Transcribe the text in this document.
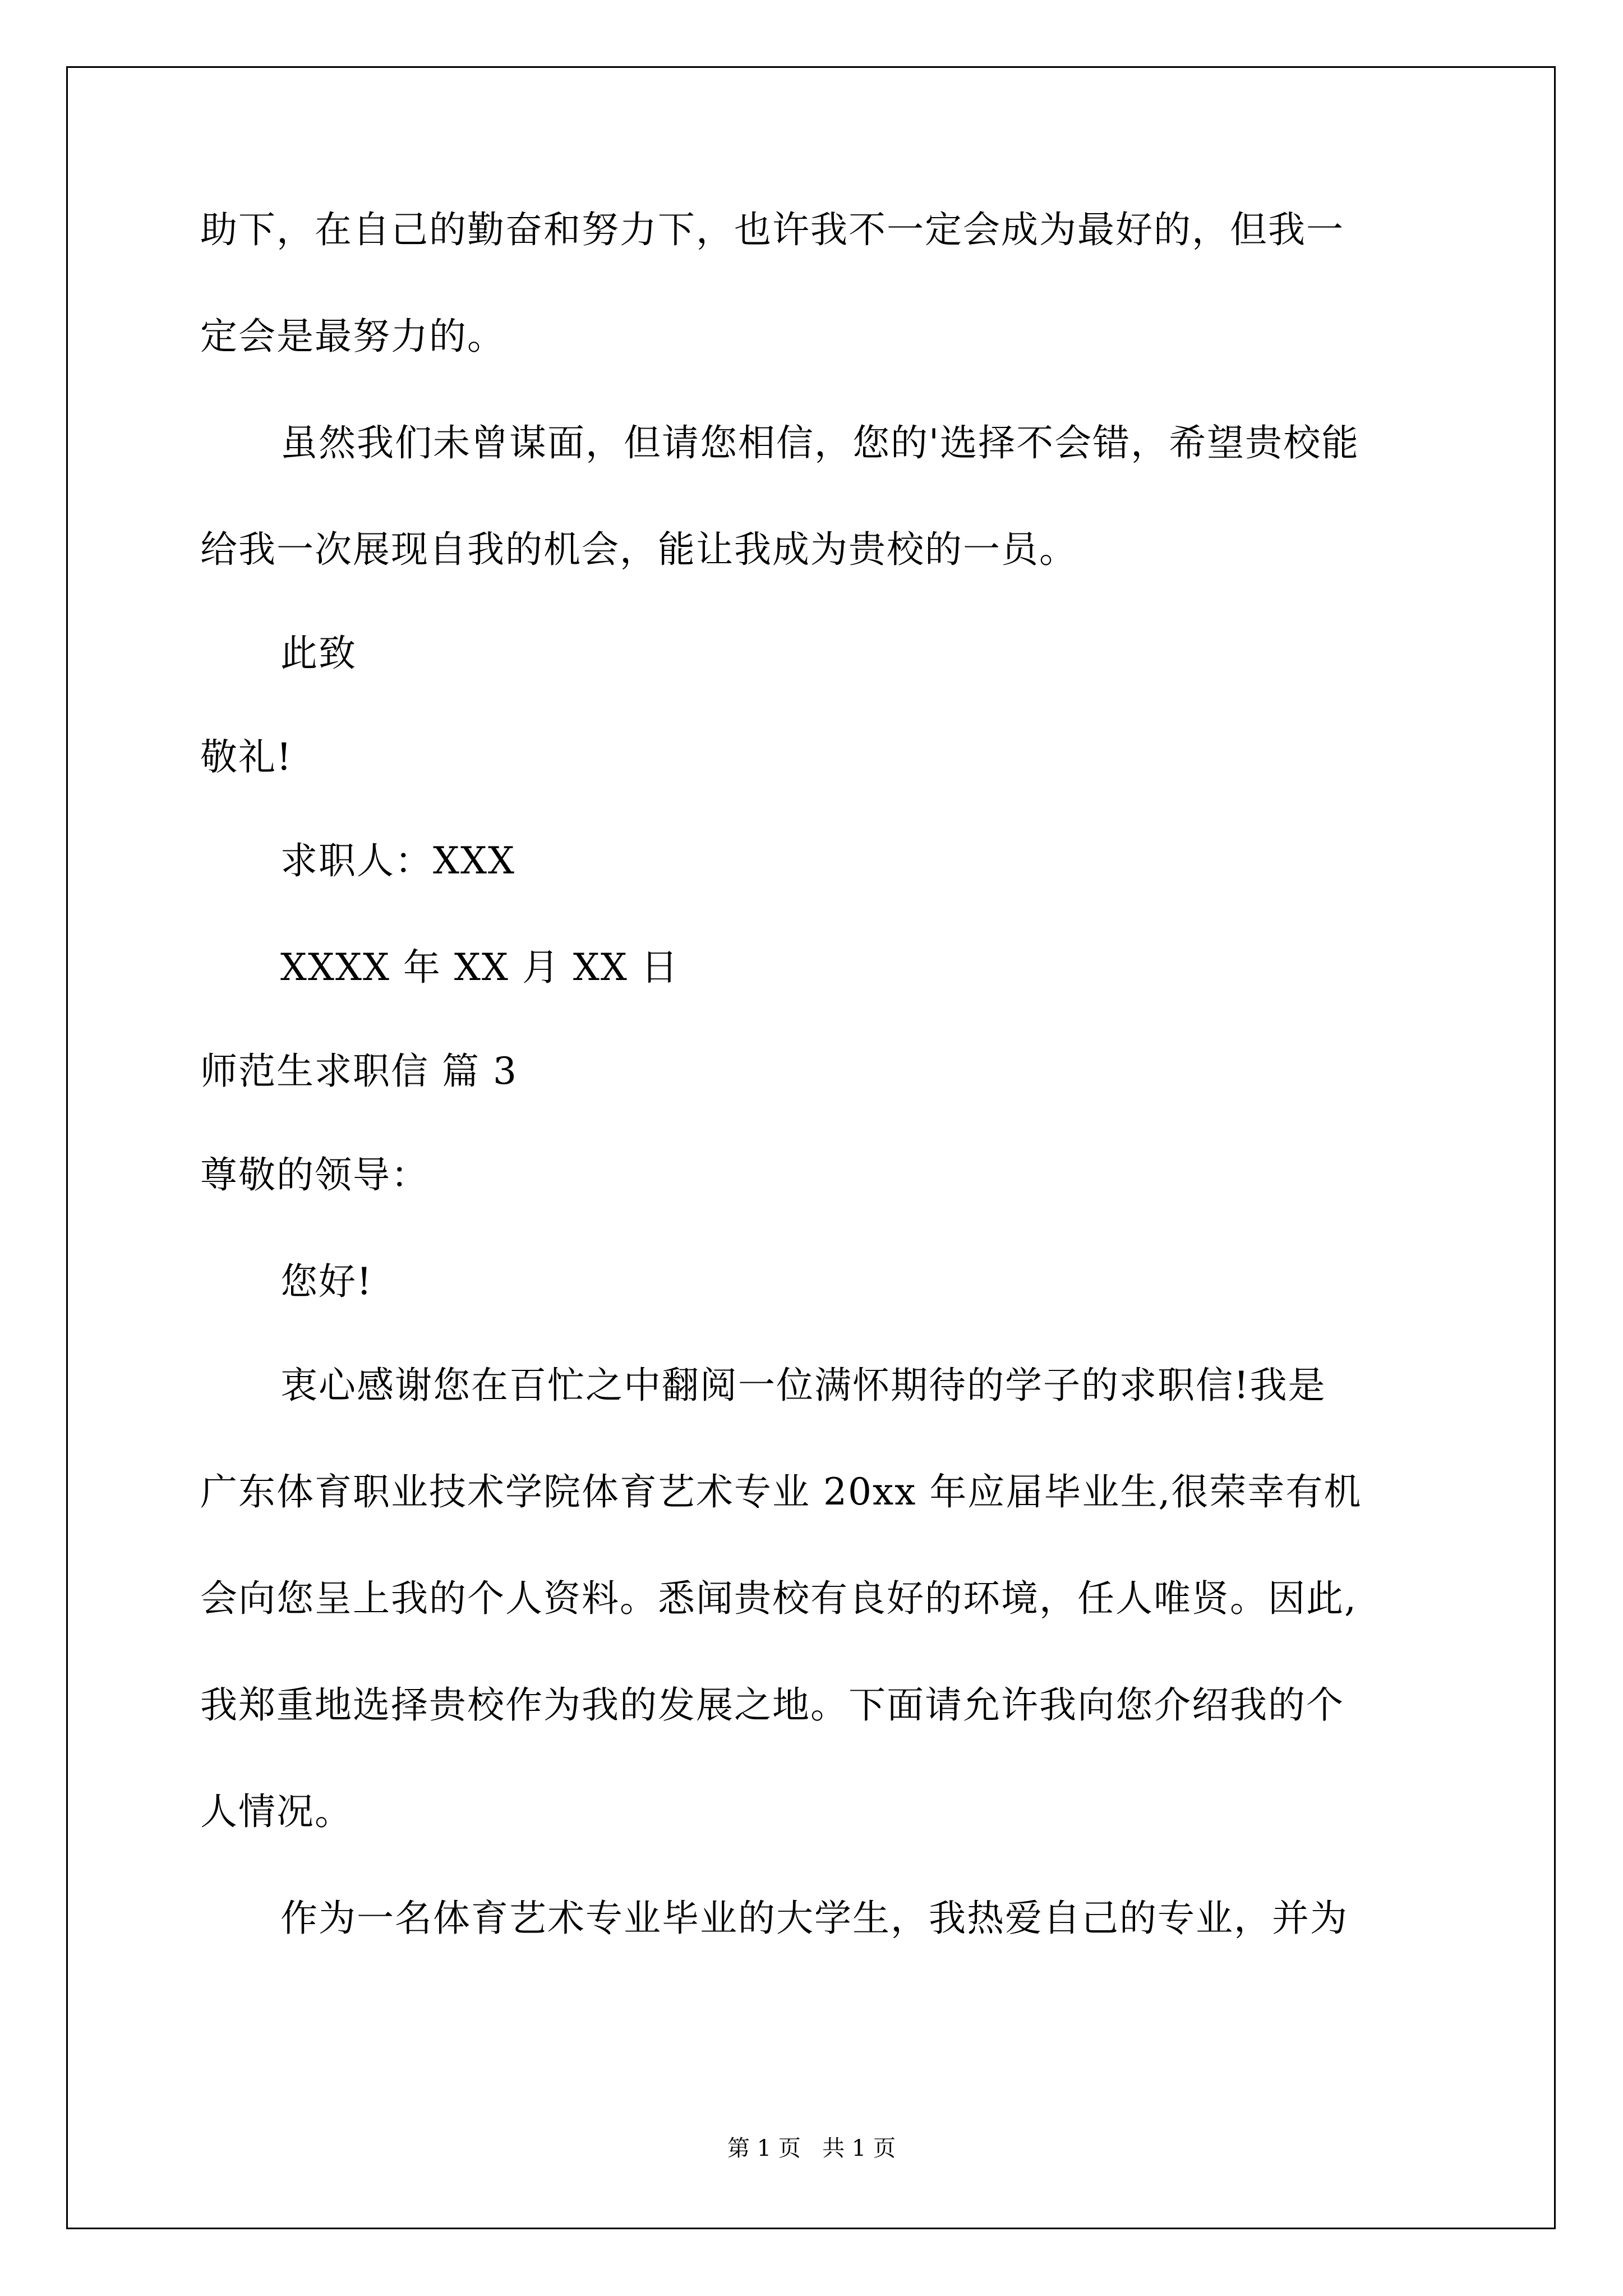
助下，在自己的勤奋和努力下，也许我不一定会成为最好的，但我一
定会是最努力的。
虽然我们未曾谋面，但请您相信，您的'选择不会错，希望贵校能
给我一次展现自我的机会，能让我成为贵校的一员。
此致
敬礼!
求职人：XXX
XXXX 年 XX 月 XX 日
师范生求职信 篇 3
尊敬的领导：
您好!
衷心感谢您在百忙之中翻阅一位满怀期待的学子的求职信!我是
广东体育职业技术学院体育艺术专业 20xx 年应届毕业生,很荣幸有机
会向您呈上我的个人资料。悉闻贵校有良好的环境，任人唯贤。因此,
我郑重地选择贵校作为我的发展之地。下面请允许我向您介绍我的个
人情况。
作为一名体育艺术专业毕业的大学生，我热爱自己的专业，并为
第 1 页   共 1 页
